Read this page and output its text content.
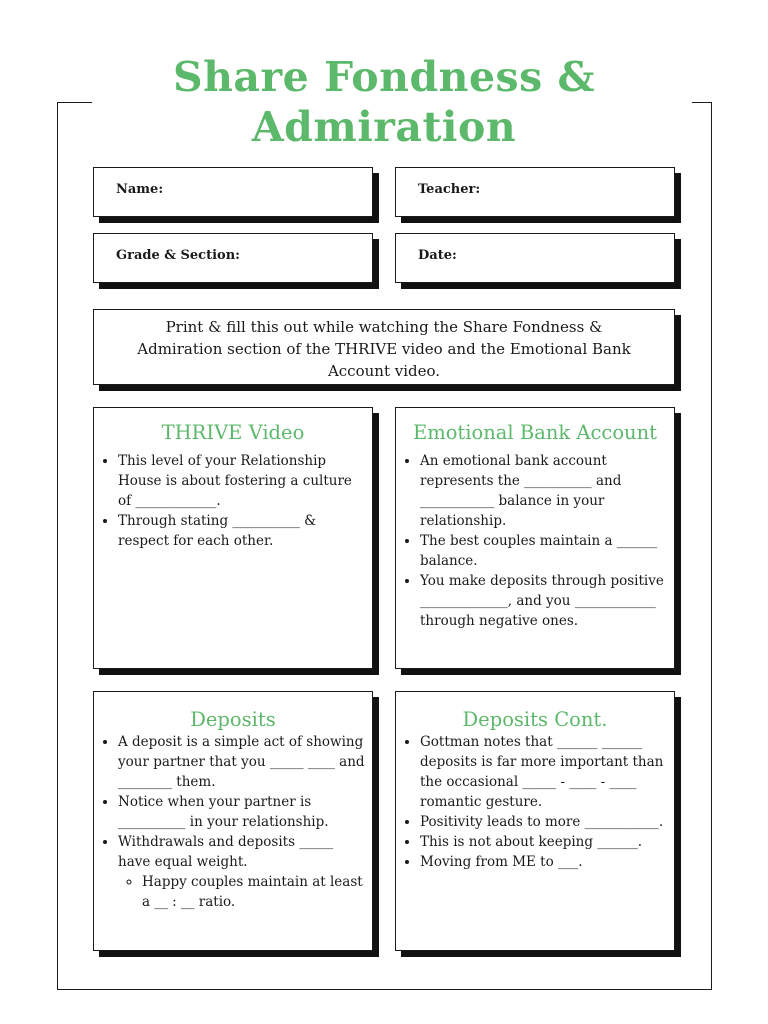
Share Fondness &
Admiration
Name:	Teacher:
Grade & Section:	Date:
Print & fill this out while watching the Share Fondness & Admiration section of the THRIVE video and the Emotional Bank Account video.
THRIVE Video
• This level of your Relationship House is about fostering a culture of ____________.
• Through stating __________ & respect for each other.
Emotional Bank Account
• An emotional bank account represents the __________ and ___________ balance in your relationship.
• The best couples maintain a ______ balance.
• You make deposits through positive _____________, and you ____________ through negative ones.
Deposits
• A deposit is a simple act of showing your partner that you _____ ____ and ________ them.
• Notice when your partner is __________ in your relationship.
• Withdrawals and deposits _____ have equal weight.
◦ Happy couples maintain at least a __ : __ ratio.
Deposits Cont.
• Gottman notes that ______ ______ deposits is far more important than the occasional _____ - ____ - ____ romantic gesture.
• Positivity leads to more ___________.
• This is not about keeping ______.
• Moving from ME to ___.
